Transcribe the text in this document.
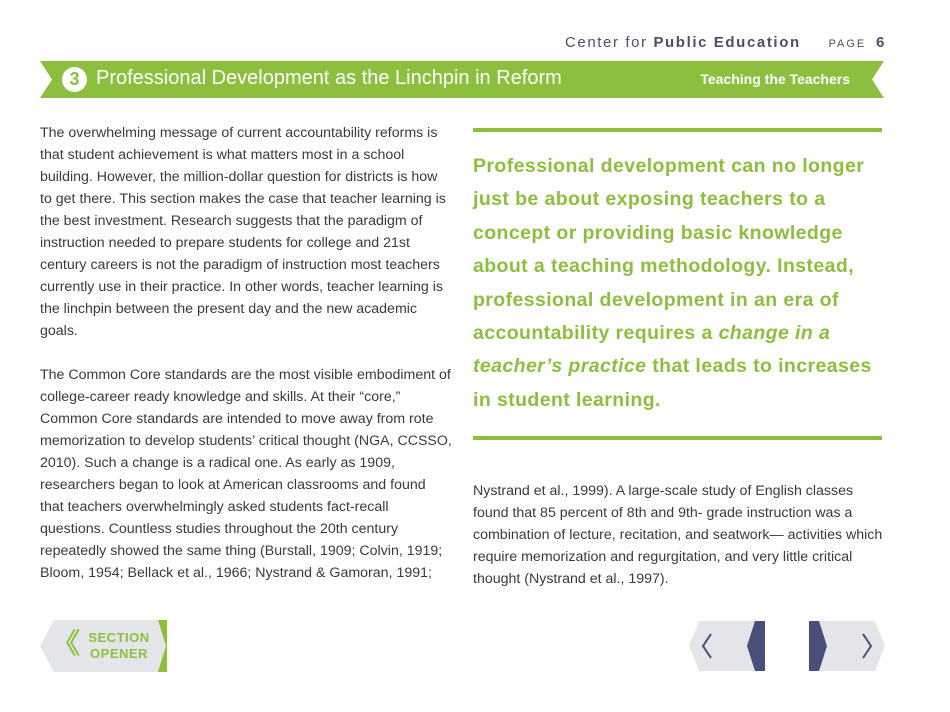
Center for Public Education	PAGE 6
3 Professional Development as the Linchpin in Reform	Teaching the Teachers

The overwhelming message of current accountability reforms is that student achievement is what matters most in a school building. However, the million-dollar question for districts is how to get there. This section makes the case that teacher learning is the best investment. Research suggests that the paradigm of instruction needed to prepare students for college and 21st century careers is not the paradigm of instruction most teachers currently use in their practice. In other words, teacher learning is the linchpin between the present day and the new academic goals.

The Common Core standards are the most visible embodiment of college-career ready knowledge and skills. At their “core,” Common Core standards are intended to move away from rote memorization to develop students’ critical thought (NGA, CCSSO, 2010). Such a change is a radical one. As early as 1909, researchers began to look at American classrooms and found that teachers overwhelmingly asked students fact-recall questions. Countless studies throughout the 20th century repeatedly showed the same thing (Burstall, 1909; Colvin, 1919; Bloom, 1954; Bellack et al., 1966; Nystrand & Gamoran, 1991;

Professional development can no longer just be about exposing teachers to a concept or providing basic knowledge about a teaching methodology. Instead, professional development in an era of accountability requires a change in a teacher’s practice that leads to increases in student learning.

Nystrand et al., 1999). A large-scale study of English classes found that 85 percent of 8th and 9th- grade instruction was a combination of lecture, recitation, and seatwork— activities which require memorization and regurgitation, and very little critical thought (Nystrand et al., 1997).

《 SECTION
OPENER
